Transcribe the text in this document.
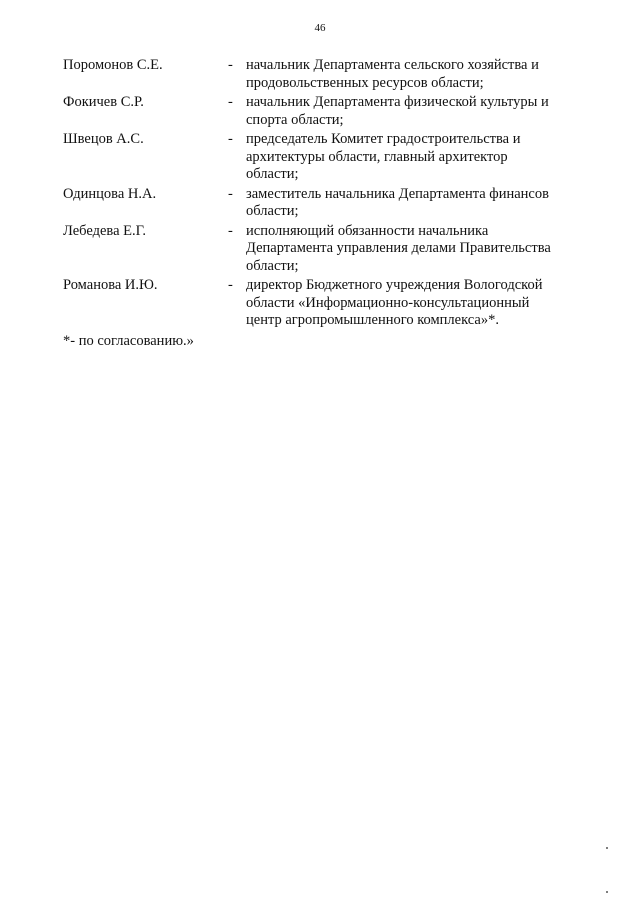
46
Поромонов С.Е.	- начальник Департамента сельского хозяйства и
продовольственных ресурсов области;
Фокичев С.Р.	- начальник Департамента физической культуры и
спорта области;
Швецов А.С.	- председатель Комитет градостроительства и
архитектуры области, главный архитектор
области;
Одинцова Н.А.	- заместитель начальника Департамента финансов
области;
Лебедева Е.Г.	- исполняющий обязанности начальника
Департамента управления делами Правительства
области;
Романова И.Ю.	- директор Бюджетного учреждения Вологодской
области «Информационно-консультационный
центр агропромышленного комплекса»*.
*- по согласованию.»
